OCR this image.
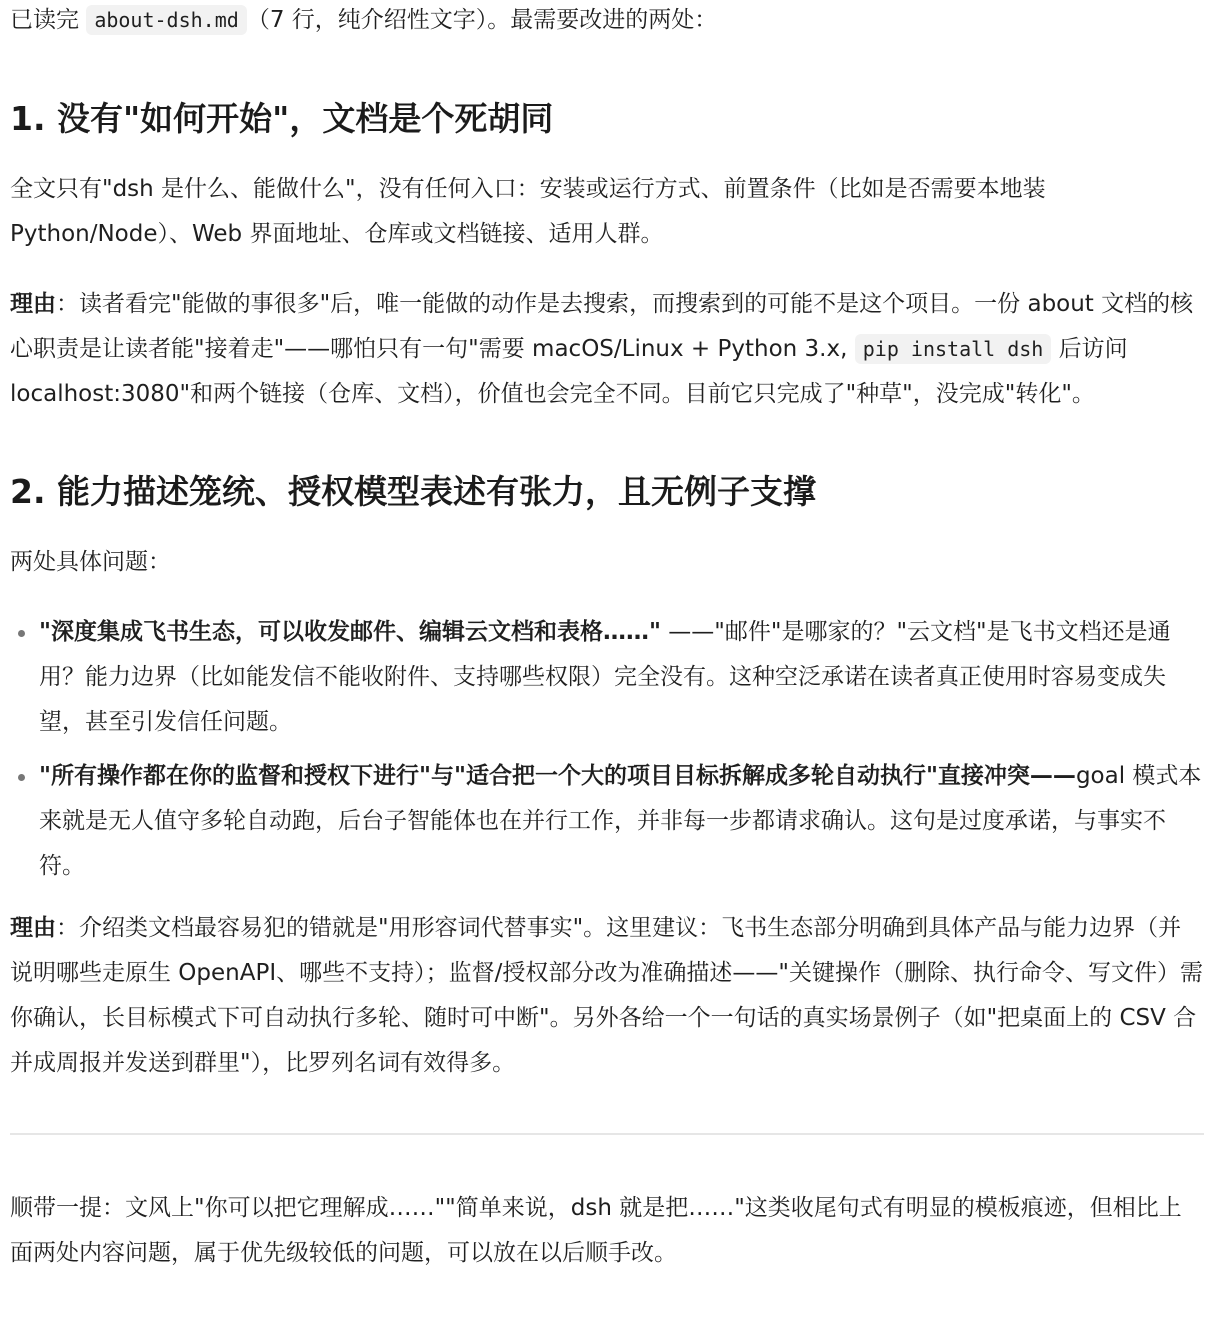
已读完 about-dsh.md （7 行，纯介绍性文字）。最需要改进的两处：

1. 没有"如何开始"，文档是个死胡同

全文只有"dsh 是什么、能做什么"，没有任何入口：安装或运行方式、前置条件（比如是否需要本地装 Python/Node）、Web 界面地址、仓库或文档链接、适用人群。

理由：读者看完"能做的事很多"后，唯一能做的动作是去搜索，而搜索到的可能不是这个项目。一份 about 文档的核心职责是让读者能"接着走"——哪怕只有一句"需要 macOS/Linux + Python 3.x, pip install dsh 后访问 localhost:3080"和两个链接（仓库、文档），价值也会完全不同。目前它只完成了"种草"，没完成"转化"。

2. 能力描述笼统、授权模型表述有张力，且无例子支撑

两处具体问题：

"深度集成飞书生态，可以收发邮件、编辑云文档和表格……" ——"邮件"是哪家的？"云文档"是飞书文档还是通用？能力边界（比如能发信不能收附件、支持哪些权限）完全没有。这种空泛承诺在读者真正使用时容易变成失望，甚至引发信任问题。
"所有操作都在你的监督和授权下进行"与"适合把一个大的项目目标拆解成多轮自动执行"直接冲突——goal 模式本来就是无人值守多轮自动跑，后台子智能体也在并行工作，并非每一步都请求确认。这句是过度承诺，与事实不符。

理由：介绍类文档最容易犯的错就是"用形容词代替事实"。这里建议：飞书生态部分明确到具体产品与能力边界（并说明哪些走原生 OpenAPI、哪些不支持）；监督/授权部分改为准确描述——"关键操作（删除、执行命令、写文件）需你确认，长目标模式下可自动执行多轮、随时可中断"。另外各给一个一句话的真实场景例子（如"把桌面上的 CSV 合并成周报并发送到群里"），比罗列名词有效得多。

顺带一提：文风上"你可以把它理解成……""简单来说，dsh 就是把……"这类收尾句式有明显的模板痕迹，但相比上面两处内容问题，属于优先级较低的问题，可以放在以后顺手改。
